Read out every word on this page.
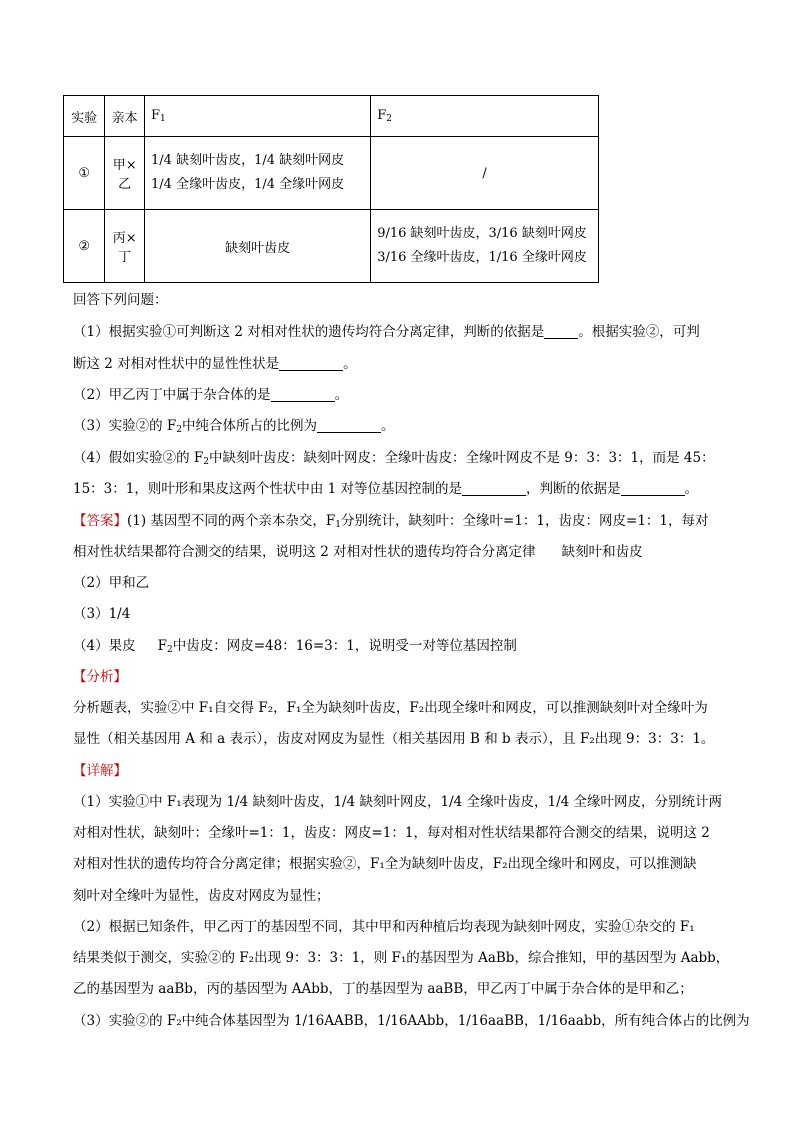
实验	亲本	$F_1$	$F_2$
①	甲×乙	1/4 缺刻叶齿皮，1/4 缺刻叶网皮
1/4 全缘叶齿皮，1/4 全缘叶网皮	/
②	丙×丁	缺刻叶齿皮	9/16 缺刻叶齿皮，3/16 缺刻叶网皮
3/16 全缘叶齿皮，1/16 全缘叶网皮
回答下列问题：
（1）根据实验①可判断这 2 对相对性状的遗传均符合分离定律，判断的依据是	。根据实验②，可判
断这 2 对相对性状中的显性性状是	。
（2）甲乙丙丁中属于杂合体的是	。
（3）实验②的 $F_2$中纯合体所占的比例为	。
（4）假如实验②的 $F_2$中缺刻叶齿皮：缺刻叶网皮：全缘叶齿皮：全缘叶网皮不是 9：3：3：1，而是 45：
15：3：1，则叶形和果皮这两个性状中由 1 对等位基因控制的是	，判断的依据是	。
【答案】(1) 基因型不同的两个亲本杂交，$F_1$分别统计，缺刻叶：全缘叶=1：1，齿皮：网皮=1：1，每对
相对性状结果都符合测交的结果，说明这 2 对相对性状的遗传均符合分离定律 缺刻叶和齿皮
（2）甲和乙
（3）1/4
（4）果皮 $F_2$中齿皮：网皮=48：16=3：1，说明受一对等位基因控制
【分析】
分析题表，实验②中 F₁自交得 F₂，F₁全为缺刻叶齿皮，F₂出现全缘叶和网皮，可以推测缺刻叶对全缘叶为
显性（相关基因用 A 和 a 表示），齿皮对网皮为显性（相关基因用 B 和 b 表示），且 F₂出现 9：3：3：1。
【详解】
（1）实验①中 F₁表现为 1/4 缺刻叶齿皮，1/4 缺刻叶网皮，1/4 全缘叶齿皮，1/4 全缘叶网皮，分别统计两
对相对性状，缺刻叶：全缘叶=1：1，齿皮：网皮=1：1，每对相对性状结果都符合测交的结果，说明这 2
对相对性状的遗传均符合分离定律；根据实验②，F₁全为缺刻叶齿皮，F₂出现全缘叶和网皮，可以推测缺
刻叶对全缘叶为显性，齿皮对网皮为显性；
（2）根据已知条件，甲乙丙丁的基因型不同，其中甲和丙种植后均表现为缺刻叶网皮，实验①杂交的 F₁
结果类似于测交，实验②的 F₂出现 9：3：3：1，则 F₁的基因型为 AaBb，综合推知，甲的基因型为 Aabb，
乙的基因型为 aaBb，丙的基因型为 AAbb，丁的基因型为 aaBB，甲乙丙丁中属于杂合体的是甲和乙；
（3）实验②的 F₂中纯合体基因型为 1/16AABB，1/16AAbb，1/16aaBB，1/16aabb，所有纯合体占的比例为
